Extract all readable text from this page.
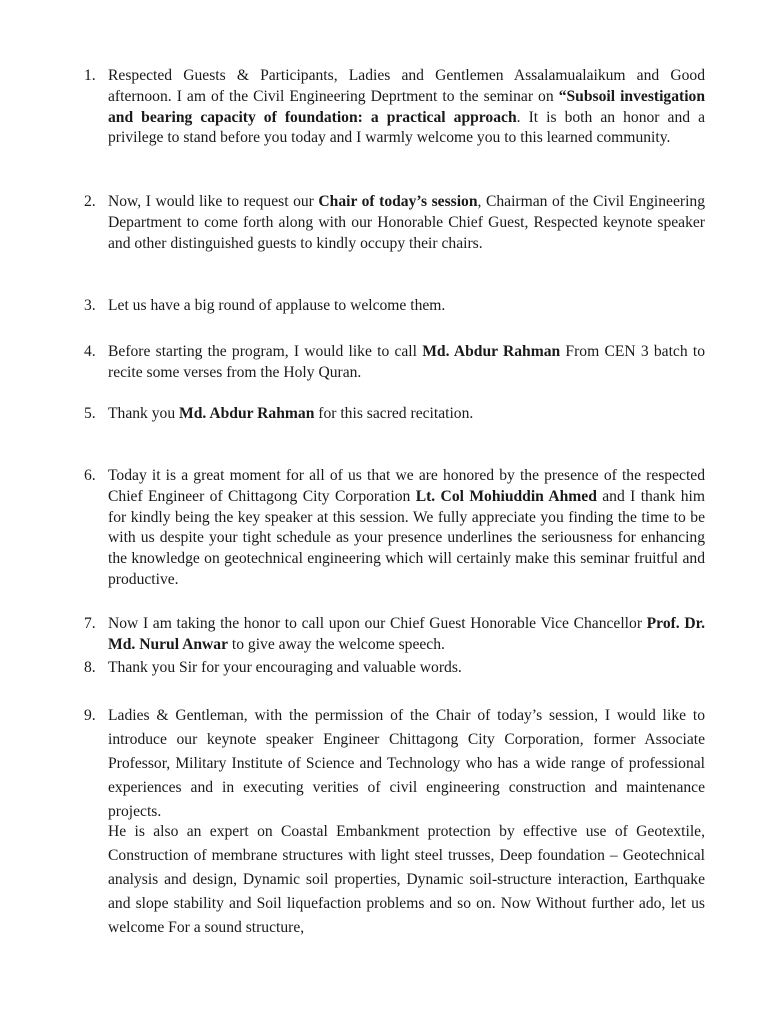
1. Respected Guests & Participants, Ladies and Gentlemen Assalamualaikum and Good afternoon. I am of the Civil Engineering Deprtment to the seminar on “Subsoil investigation and bearing capacity of foundation: a practical approach. It is both an honor and a privilege to stand before you today and I warmly welcome you to this learned community.
2. Now, I would like to request our Chair of today’s session, Chairman of the Civil Engineering Department to come forth along with our Honorable Chief Guest, Respected keynote speaker and other distinguished guests to kindly occupy their chairs.
3. Let us have a big round of applause to welcome them.
4. Before starting the program, I would like to call Md. Abdur Rahman From CEN 3 batch to recite some verses from the Holy Quran.
5. Thank you Md. Abdur Rahman for this sacred recitation.
6. Today it is a great moment for all of us that we are honored by the presence of the respected Chief Engineer of Chittagong City Corporation Lt. Col Mohiuddin Ahmed and I thank him for kindly being the key speaker at this session. We fully appreciate you finding the time to be with us despite your tight schedule as your presence underlines the seriousness for enhancing the knowledge on geotechnical engineering which will certainly make this seminar fruitful and productive.
7. Now I am taking the honor to call upon our Chief Guest Honorable Vice Chancellor Prof. Dr. Md. Nurul Anwar to give away the welcome speech.
8. Thank you Sir for your encouraging and valuable words.
9. Ladies & Gentleman, with the permission of the Chair of today’s session, I would like to introduce our keynote speaker Engineer Chittagong City Corporation, former Associate Professor, Military Institute of Science and Technology who has a wide range of professional experiences and in executing verities of civil engineering construction and maintenance projects.
He is also an expert on Coastal Embankment protection by effective use of Geotextile, Construction of membrane structures with light steel trusses, Deep foundation – Geotechnical analysis and design, Dynamic soil properties, Dynamic soil-structure interaction, Earthquake and slope stability and Soil liquefaction problems and so on. Now Without further ado, let us welcome For a sound structure,
